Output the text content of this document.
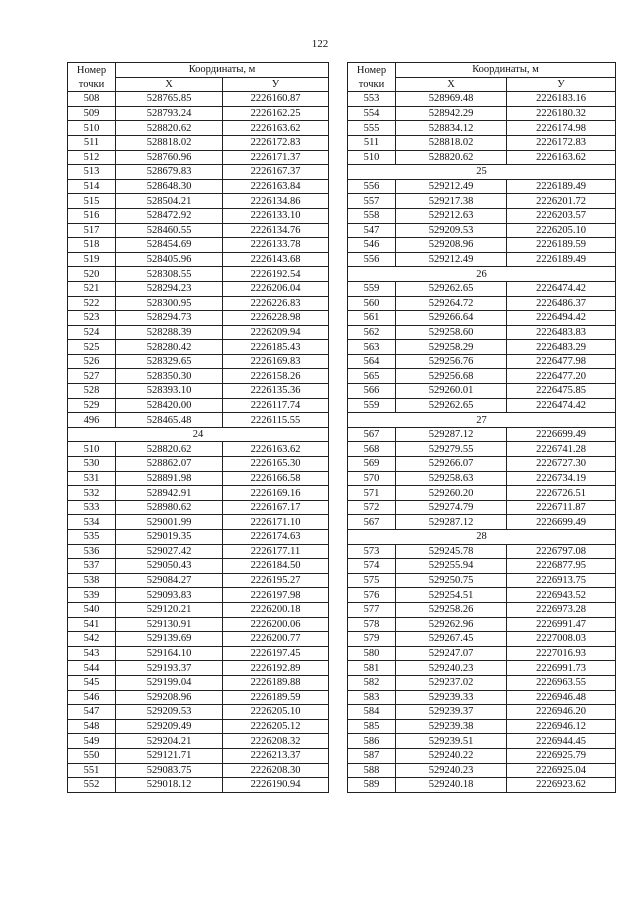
122
Номер	Координаты, м	
точки	X	У
508	528765.85	2226160.87
509	528793.24	2226162.25
510	528820.62	2226163.62
511	528818.02	2226172.83
512	528760.96	2226171.37
513	528679.83	2226167.37
514	528648.30	2226163.84
515	528504.21	2226134.86
516	528472.92	2226133.10
517	528460.55	2226134.76
518	528454.69	2226133.78
519	528405.96	2226143.68
520	528308.55	2226192.54
521	528294.23	2226206.04
522	528300.95	2226226.83
523	528294.73	2226228.98
524	528288.39	2226209.94
525	528280.42	2226185.43
526	528329.65	2226169.83
527	528350.30	2226158.26
528	528393.10	2226135.36
529	528420.00	2226117.74
496	528465.48	2226115.55
24		
510	528820.62	2226163.62
530	528862.07	2226165.30
531	528891.98	2226166.58
532	528942.91	2226169.16
533	528980.62	2226167.17
534	529001.99	2226171.10
535	529019.35	2226174.63
536	529027.42	2226177.11
537	529050.43	2226184.50
538	529084.27	2226195.27
539	529093.83	2226197.98
540	529120.21	2226200.18
541	529130.91	2226200.06
542	529139.69	2226200.77
543	529164.10	2226197.45
544	529193.37	2226192.89
545	529199.04	2226189.88
546	529208.96	2226189.59
547	529209.53	2226205.10
548	529209.49	2226205.12
549	529204.21	2226208.32
550	529121.71	2226213.37
551	529083.75	2226208.30
552	529018.12	2226190.94
Номер	Координаты, м	
точки	X	У
553	528969.48	2226183.16
554	528942.29	2226180.32
555	528834.12	2226174.98
511	528818.02	2226172.83
510	528820.62	2226163.62
25		
556	529212.49	2226189.49
557	529217.38	2226201.72
558	529212.63	2226203.57
547	529209.53	2226205.10
546	529208.96	2226189.59
556	529212.49	2226189.49
26		
559	529262.65	2226474.42
560	529264.72	2226486.37
561	529266.64	2226494.42
562	529258.60	2226483.83
563	529258.29	2226483.29
564	529256.76	2226477.98
565	529256.68	2226477.20
566	529260.01	2226475.85
559	529262.65	2226474.42
27		
567	529287.12	2226699.49
568	529279.55	2226741.28
569	529266.07	2226727.30
570	529258.63	2226734.19
571	529260.20	2226726.51
572	529274.79	2226711.87
567	529287.12	2226699.49
28		
573	529245.78	2226797.08
574	529255.94	2226877.95
575	529250.75	2226913.75
576	529254.51	2226943.52
577	529258.26	2226973.28
578	529262.96	2226991.47
579	529267.45	2227008.03
580	529247.07	2227016.93
581	529240.23	2226991.73
582	529237.02	2226963.55
583	529239.33	2226946.48
584	529239.37	2226946.20
585	529239.38	2226946.12
586	529239.51	2226944.45
587	529240.22	2226925.79
588	529240.23	2226925.04
589	529240.18	2226923.62
